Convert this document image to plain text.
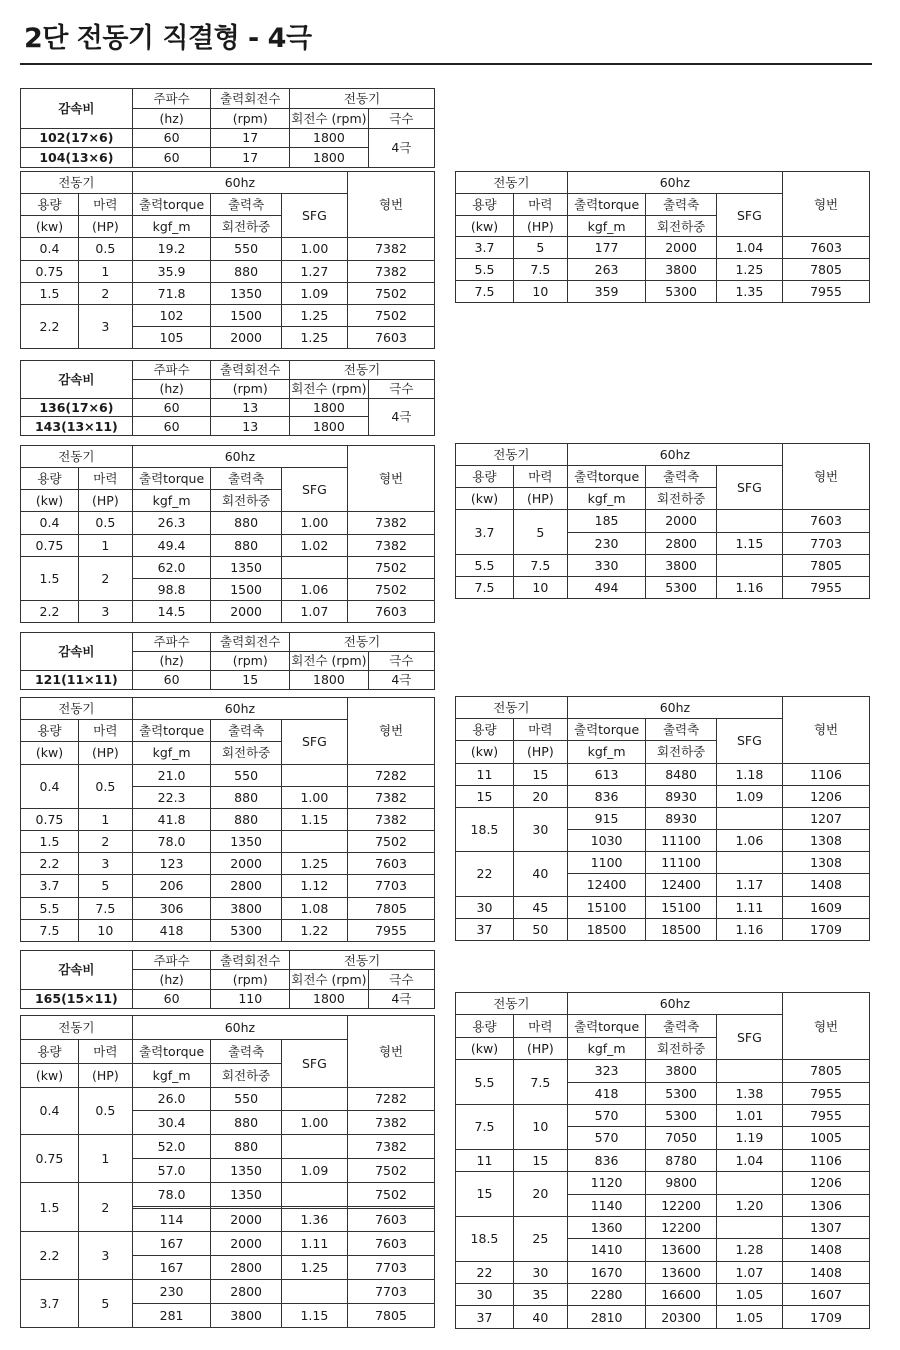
2단 전동기 직결형 - 4극
감속비	주파수	출력회전수	전동기	
	(hz)	(rpm)	회전수 (rpm)	극수
102(17×6)	60	17	1800	4극
104(13×6)	60	17	1800	
전동기		60hz			형번
용량	마력	출력torque	출력축	SFG	
(kw)	(HP)	kgf_m	회전하중		
0.4	0.5	19.2	550	1.00	7382
0.75	1	35.9	880	1.27	7382
1.5	2	71.8	1350	1.09	7502
2.2	3	102	1500	1.25	7502
		105	2000	1.25	7603
전동기		60hz			형번
용량	마력	출력torque	출력축	SFG	
(kw)	(HP)	kgf_m	회전하중		
3.7	5	177	2000	1.04	7603
5.5	7.5	263	3800	1.25	7805
7.5	10	359	5300	1.35	7955
감속비	주파수	출력회전수	전동기	
	(hz)	(rpm)	회전수 (rpm)	극수
136(17×6)	60	13	1800	4극
143(13×11)	60	13	1800	
전동기		60hz			형번
용량	마력	출력torque	출력축	SFG	
(kw)	(HP)	kgf_m	회전하중		
0.4	0.5	26.3	880	1.00	7382
0.75	1	49.4	880	1.02	7382
1.5	2	62.0	1350		7502
		98.8	1500	1.06	7502
2.2	3	14.5	2000	1.07	7603
전동기		60hz			형번
용량	마력	출력torque	출력축	SFG	
(kw)	(HP)	kgf_m	회전하중		
3.7	5	185	2000		7603
		230	2800	1.15	7703
5.5	7.5	330	3800		7805
7.5	10	494	5300	1.16	7955
감속비	주파수	출력회전수	전동기	
	(hz)	(rpm)	회전수 (rpm)	극수
121(11×11)	60	15	1800	4극
전동기		60hz			형번
용량	마력	출력torque	출력축	SFG	
(kw)	(HP)	kgf_m	회전하중		
0.4	0.5	21.0	550		7282
		22.3	880	1.00	7382
0.75	1	41.8	880	1.15	7382
1.5	2	78.0	1350		7502
2.2	3	123	2000	1.25	7603
3.7	5	206	2800	1.12	7703
5.5	7.5	306	3800	1.08	7805
7.5	10	418	5300	1.22	7955
전동기		60hz			형번
용량	마력	출력torque	출력축	SFG	
(kw)	(HP)	kgf_m	회전하중		
11	15	613	8480	1.18	1106
15	20	836	8930	1.09	1206
18.5	30	915	8930		1207
		1030	11100	1.06	1308
22	40	1100	11100		1308
		12400	12400	1.17	1408
30	45	15100	15100	1.11	1609
37	50	18500	18500	1.16	1709
감속비	주파수	출력회전수	전동기	
	(hz)	(rpm)	회전수 (rpm)	극수
165(15×11)	60	110	1800	4극
전동기		60hz			형번
용량	마력	출력torque	출력축	SFG	
(kw)	(HP)	kgf_m	회전하중		
0.4	0.5	26.0	550		7282
		30.4	880	1.00	7382
0.75	1	52.0	880		7382
		57.0	1350	1.09	7502
1.5	2	78.0	1350		7502

		114	2000	1.36	7603
2.2	3	167	2000	1.11	7603
		167	2800	1.25	7703
3.7	5	230	2800		7703
		281	3800	1.15	7805
전동기		60hz			형번
용량	마력	출력torque	출력축	SFG	
(kw)	(HP)	kgf_m	회전하중		
5.5	7.5	323	3800		7805
		418	5300	1.38	7955
7.5	10	570	5300	1.01	7955
		570	7050	1.19	1005
11	15	836	8780	1.04	1106
15	20	1120	9800		1206
		1140	12200	1.20	1306
18.5	25	1360	12200		1307
		1410	13600	1.28	1408
22	30	1670	13600	1.07	1408
30	35	2280	16600	1.05	1607
37	40	2810	20300	1.05	1709
